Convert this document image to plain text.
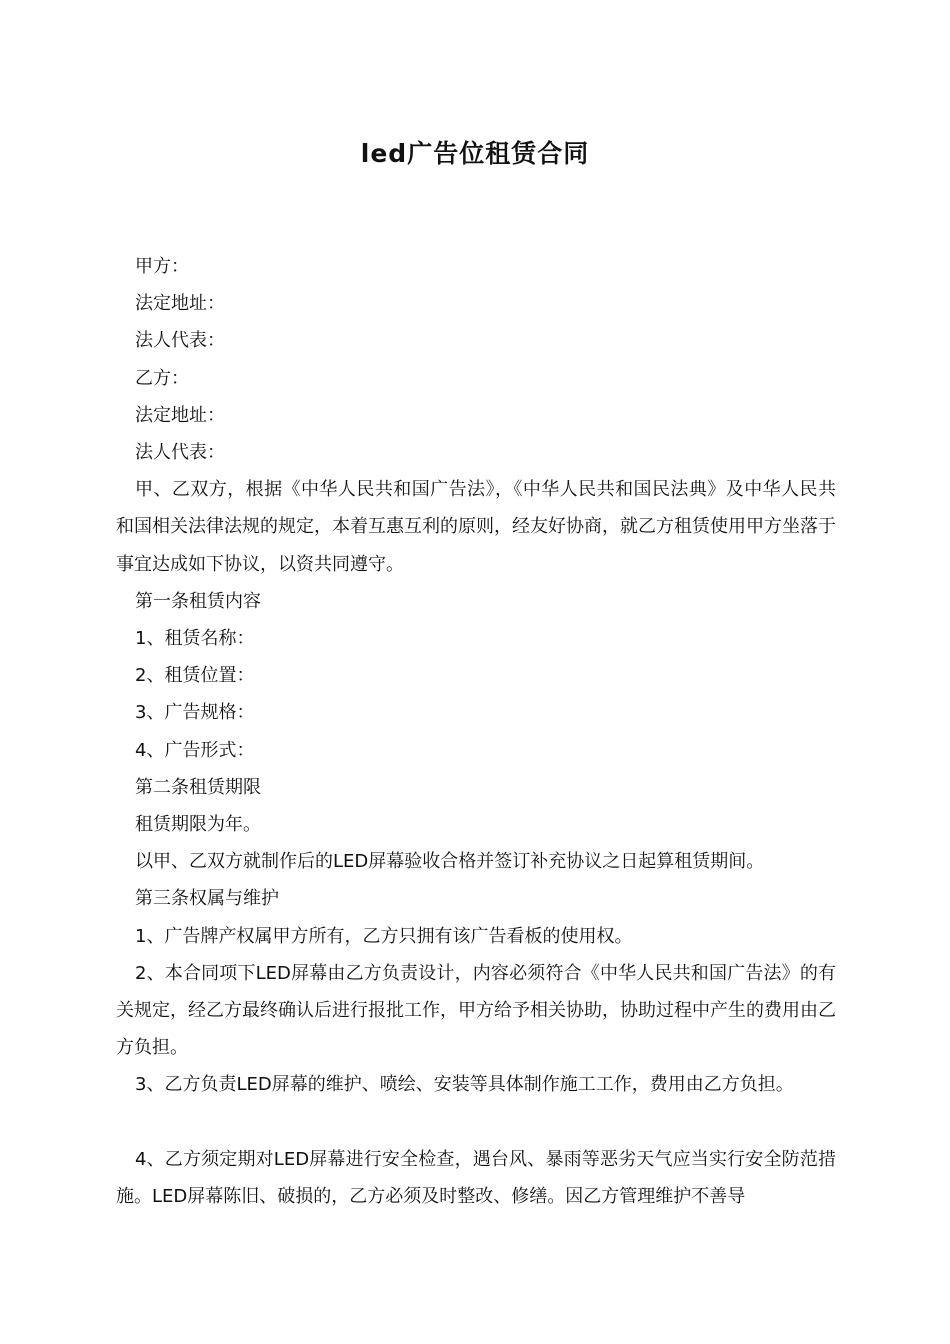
led广告位租赁合同

甲方：

法定地址：

法人代表：

乙方：

法定地址：

法人代表：

甲、乙双方，根据《中华人民共和国广告法》，《中华人民共和国民法典》及中华人民共和国相关法律法规的规定，本着互惠互利的原则，经友好协商，就乙方租赁使用甲方坐落于事宜达成如下协议，以资共同遵守。

第一条租赁内容

1、租赁名称：

2、租赁位置：

3、广告规格：

4、广告形式：

第二条租赁期限

租赁期限为年。

以甲、乙双方就制作后的LED屏幕验收合格并签订补充协议之日起算租赁期间。

第三条权属与维护

1、广告牌产权属甲方所有，乙方只拥有该广告看板的使用权。

2、本合同项下LED屏幕由乙方负责设计，内容必须符合《中华人民共和国广告法》的有关规定，经乙方最终确认后进行报批工作，甲方给予相关协助，协助过程中产生的费用由乙方负担。

3、乙方负责LED屏幕的维护、喷绘、安装等具体制作施工工作，费用由乙方负担。

4、乙方须定期对LED屏幕进行安全检查，遇台风、暴雨等恶劣天气应当实行安全防范措施。LED屏幕陈旧、破损的，乙方必须及时整改、修缮。因乙方管理维护不善导
